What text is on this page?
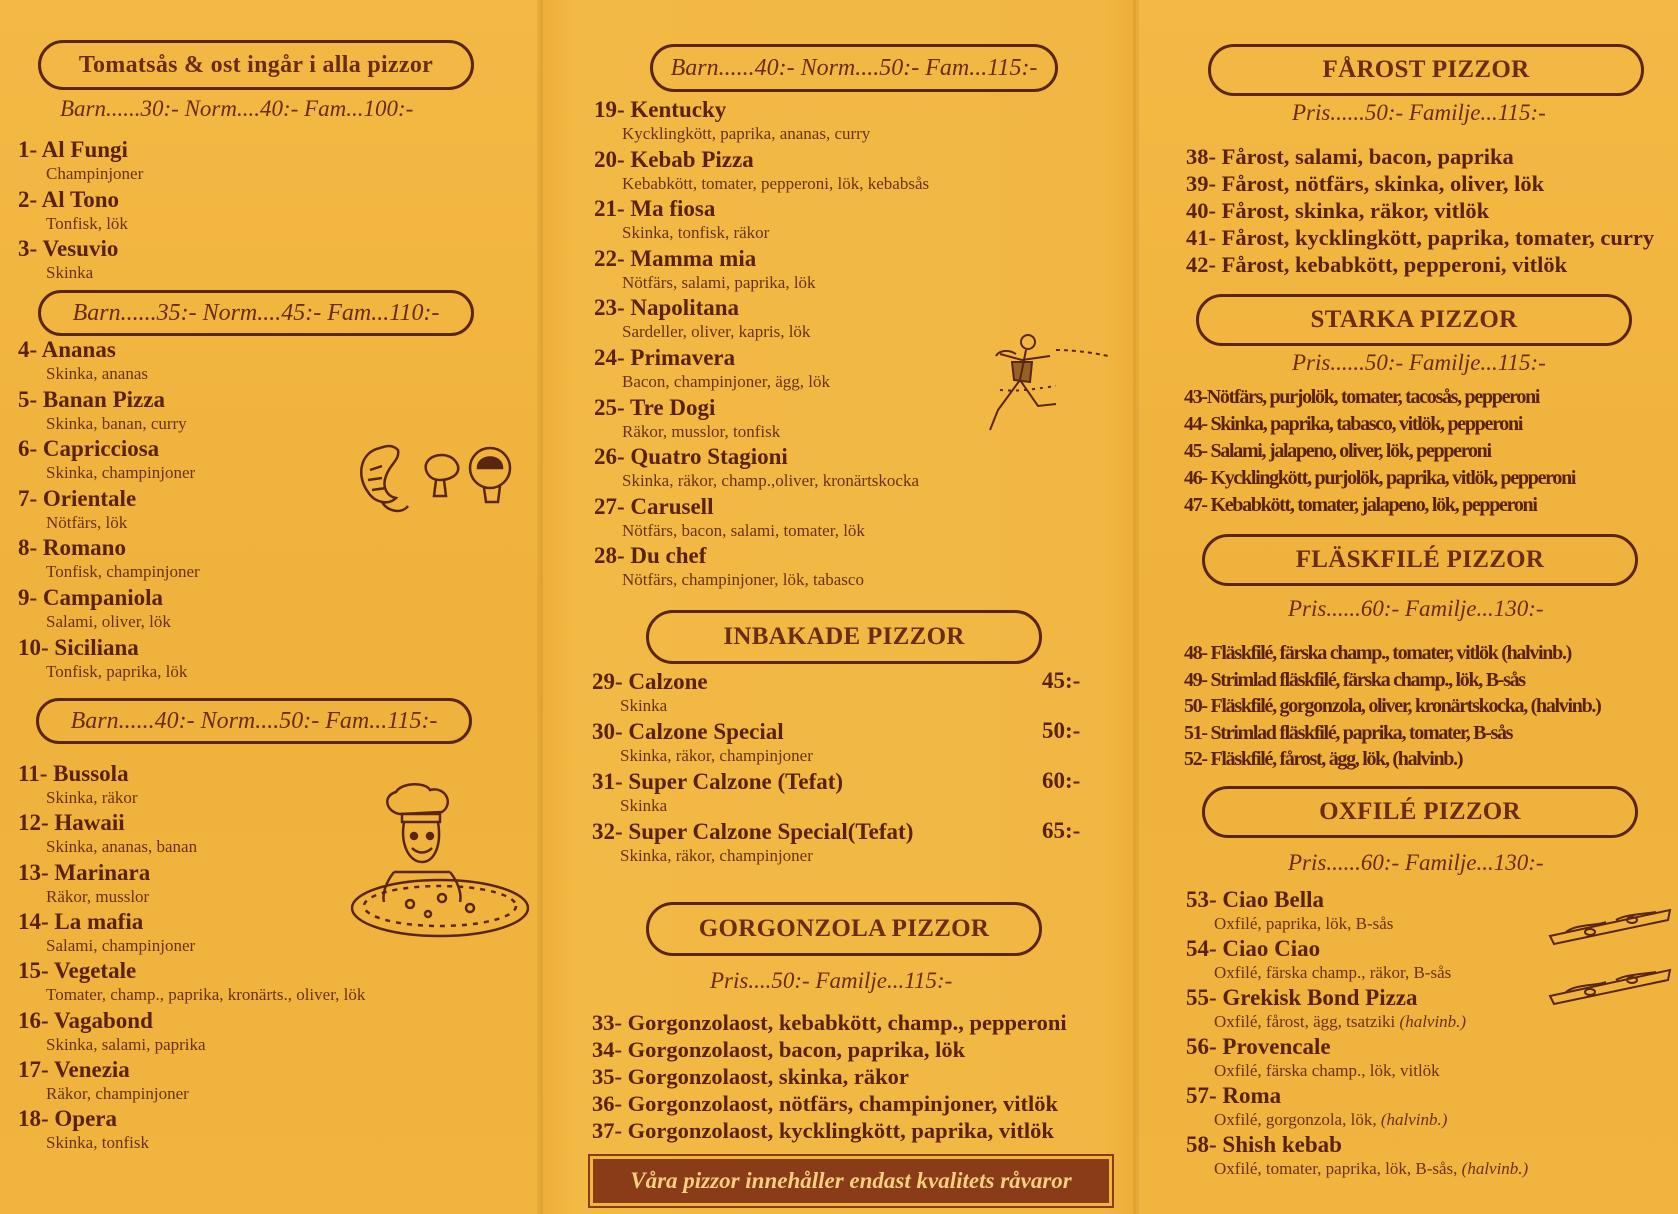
Tomatsås & ost ingår i alla pizzor
Barn......30:- Norm....40:- Fam...100:-
1- Al Fungi
Champinjoner
2- Al Tono
Tonfisk, lök
3- Vesuvio
Skinka
Barn......35:- Norm....45:- Fam...110:-
4- Ananas
Skinka, ananas
5- Banan Pizza
Skinka, banan, curry
6- Capricciosa
Skinka, champinjoner
7- Orientale
Nötfärs, lök
8- Romano
Tonfisk, champinjoner
9- Campaniola
Salami, oliver, lök
10- Siciliana
Tonfisk, paprika, lök
Barn......40:- Norm....50:- Fam...115:-
11- Bussola
Skinka, räkor
12- Hawaii
Skinka, ananas, banan
13- Marinara
Räkor, musslor
14- La mafia
Salami, champinjoner
15- Vegetale
Tomater, champ., paprika, kronärts., oliver, lök
16- Vagabond
Skinka, salami, paprika
17- Venezia
Räkor, champinjoner
18- Opera
Skinka, tonfisk
Barn......40:- Norm....50:- Fam...115:-
19- Kentucky
Kycklingkött, paprika, ananas, curry
20- Kebab Pizza
Kebabkött, tomater, pepperoni, lök, kebabsås
21- Ma fiosa
Skinka, tonfisk, räkor
22- Mamma mia
Nötfärs, salami, paprika, lök
23- Napolitana
Sardeller, oliver, kapris, lök
24- Primavera
Bacon, champinjoner, ägg, lök
25- Tre Dogi
Räkor, musslor, tonfisk
26- Quatro Stagioni
Skinka, räkor, champ.,oliver, kronärtskocka
27- Carusell
Nötfärs, bacon, salami, tomater, lök
28- Du chef
Nötfärs, champinjoner, lök, tabasco
INBAKADE PIZZOR
29- Calzone
Skinka
45:-
30- Calzone Special
Skinka, räkor, champinjoner
50:-
31- Super Calzone (Tefat)
Skinka
60:-
32- Super Calzone Special(Tefat)
Skinka, räkor, champinjoner
65:-
GORGONZOLA PIZZOR
Pris....50:- Familje...115:-
33- Gorgonzolaost, kebabkött, champ., pepperoni
34- Gorgonzolaost, bacon, paprika, lök
35- Gorgonzolaost, skinka, räkor
36- Gorgonzolaost, nötfärs, champinjoner, vitlök
37- Gorgonzolaost, kycklingkött, paprika, vitlök
Våra pizzor innehåller endast kvalitets råvaror
FÅROST PIZZOR
Pris......50:- Familje...115:-
38- Fårost, salami, bacon, paprika
39- Fårost, nötfärs, skinka, oliver, lök
40- Fårost, skinka, räkor, vitlök
41- Fårost, kycklingkött, paprika, tomater, curry
42- Fårost, kebabkött, pepperoni, vitlök
STARKA PIZZOR
Pris......50:- Familje...115:-
43-Nötfärs, purjolök, tomater, tacosås, pepperoni
44- Skinka, paprika, tabasco, vitlök, pepperoni
45- Salami, jalapeno, oliver, lök, pepperoni
46- Kycklingkött, purjolök, paprika, vitlök, pepperoni
47- Kebabkött, tomater, jalapeno, lök, pepperoni
FLÄSKFILÉ PIZZOR
Pris......60:- Familje...130:-
48- Fläskfilé, färska champ., tomater, vitlök (halvinb.)
49- Strimlad fläskfilé, färska champ., lök, B-sås
50- Fläskfilé, gorgonzola, oliver, kronärtskocka, (halvinb.)
51- Strimlad fläskfilé, paprika, tomater, B-sås
52- Fläskfilé, fårost, ägg, lök, (halvinb.)
OXFILÉ PIZZOR
Pris......60:- Familje...130:-
53- Ciao Bella
Oxfilé, paprika, lök, B-sås
54- Ciao Ciao
Oxfilé, färska champ., räkor, B-sås
55- Grekisk Bond Pizza
Oxfilé, fårost, ägg, tsatziki (halvinb.)
56- Provencale
Oxfilé, färska champ., lök, vitlök
57- Roma
Oxfilé, gorgonzola, lök, (halvinb.)
58- Shish kebab
Oxfilé, tomater, paprika, lök, B-sås, (halvinb.)
